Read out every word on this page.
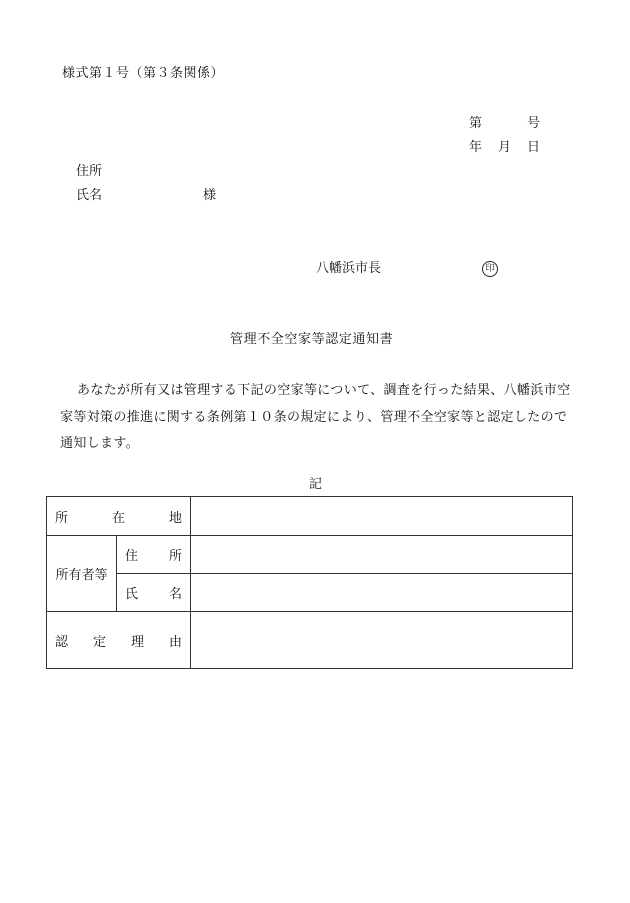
様式第１号（第３条関係）
第	号
年 月 日
住所
氏名	様
八幡浜市長	印
管理不全空家等認定通知書
あなたが所有又は管理する下記の空家等について、調査を行った結果、八幡浜市空家等対策の推進に関する条例第１０条の規定により、管理不全空家等と認定したので通知します。
記
所 在 地		

所有者等	住 所	

	氏 名	

認 定 理 由		
